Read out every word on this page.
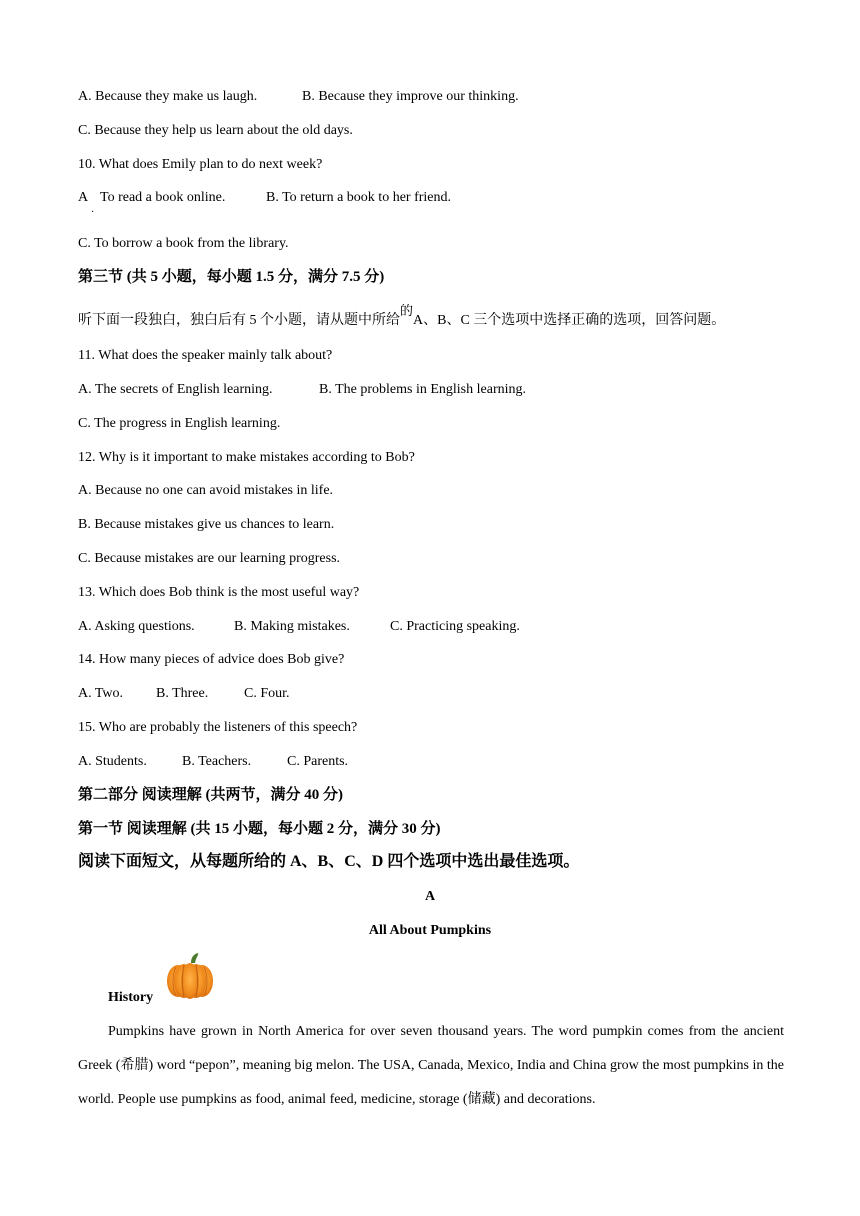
A. Because they make us laugh.	B. Because they improve our thinking.
C. Because they help us learn about the old days.
10. What does Emily plan to do next week?
A To read a book online.	B. To return a book to her friend.
·
C. To borrow a book from the library.
第三节 (共 5 小题，每小题 1.5 分，满分 7.5 分)
听下面一段独白，独白后有 5 个小题，请从题中所给的A、B、C 三个选项中选择正确的选项，回答问题。
11. What does the speaker mainly talk about?
A. The secrets of English learning.	B. The problems in English learning.
C. The progress in English learning.
12. Why is it important to make mistakes according to Bob?
A. Because no one can avoid mistakes in life.
B. Because mistakes give us chances to learn.
C. Because mistakes are our learning progress.
13. Which does Bob think is the most useful way?
A. Asking questions.	B. Making mistakes.	C. Practicing speaking.
14. How many pieces of advice does Bob give?
A. Two. B. Three.	C. Four.
15. Who are probably the listeners of this speech?
A. Students.	B. Teachers.	C. Parents.
第二部分 阅读理解 (共两节，满分 40 分)
第一节 阅读理解 (共 15 小题，每小题 2 分，满分 30 分)
阅读下面短文，从每题所给的 A、B、C、D 四个选项中选出最佳选项。
A
All About Pumpkins
History
Pumpkins have grown in North America for over seven thousand years. The word pumpkin comes from the ancient Greek (希腊) word “pepon”, meaning big melon. The USA, Canada, Mexico, India and China grow the most pumpkins in the world. People use pumpkins as food, animal feed, medicine, storage (储藏) and decorations.
